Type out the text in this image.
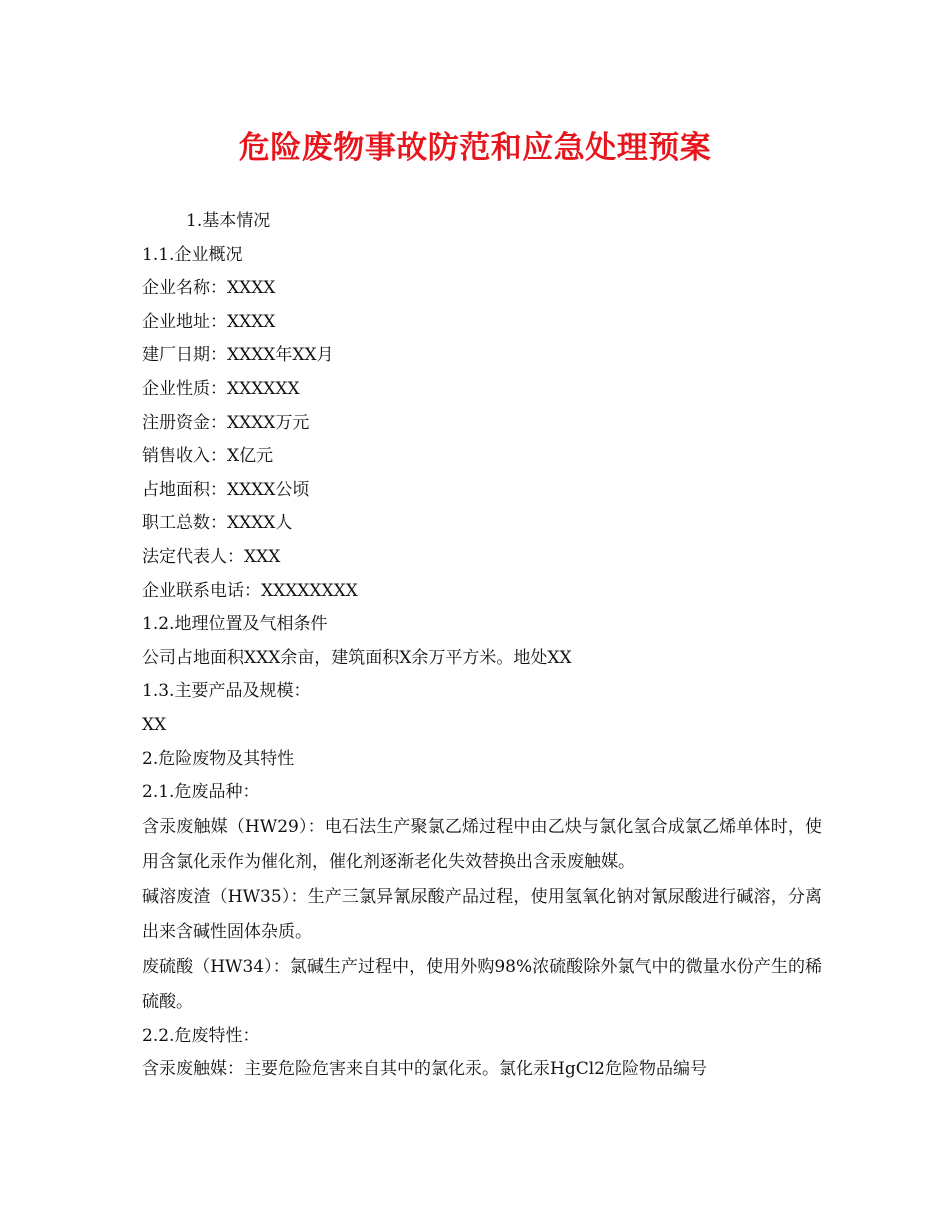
危险废物事故防范和应急处理预案

1.基本情况

1.1.企业概况

企业名称：XXXX

企业地址：XXXX

建厂日期：XXXX年XX月

企业性质：XXXXXX

注册资金：XXXX万元

销售收入：X亿元

占地面积：XXXX公顷

职工总数：XXXX人

法定代表人：XXX

企业联系电话：XXXXXXXX

1.2.地理位置及气相条件

公司占地面积XXX余亩，建筑面积X余万平方米。地处XX

1.3.主要产品及规模：

XX

2.危险废物及其特性

2.1.危废品种：

含汞废触媒（HW29）：电石法生产聚氯乙烯过程中由乙炔与氯化氢合成氯乙烯单体时，使用含氯化汞作为催化剂，催化剂逐渐老化失效替换出含汞废触媒。

碱溶废渣（HW35）：生产三氯异氰尿酸产品过程，使用氢氧化钠对氰尿酸进行碱溶，分离出来含碱性固体杂质。

废硫酸（HW34）：氯碱生产过程中，使用外购98%浓硫酸除外氯气中的微量水份产生的稀硫酸。

2.2.危废特性：

含汞废触媒：主要危险危害来自其中的氯化汞。氯化汞HgCl2危险物品编号
